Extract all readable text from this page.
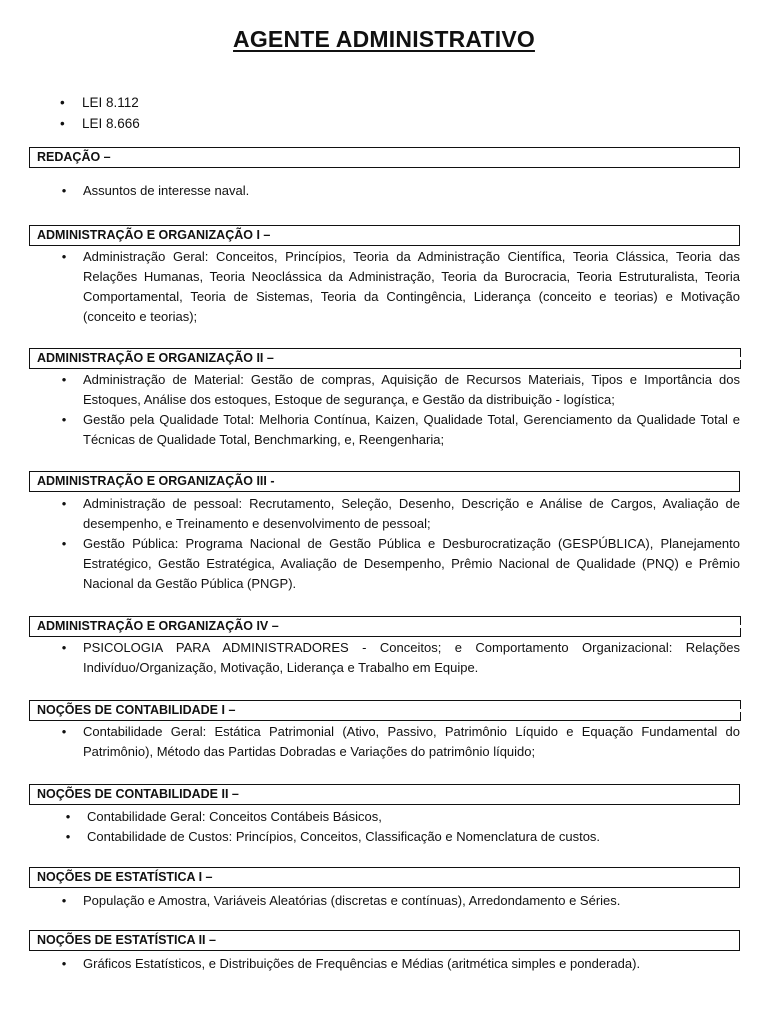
AGENTE ADMINISTRATIVO
• LEI 8.112
• LEI 8.666
REDAÇÃO –
• Assuntos de interesse naval.
ADMINISTRAÇÃO E ORGANIZAÇÃO I –
• Administração Geral: Conceitos, Princípios, Teoria da Administração Científica, Teoria Clássica, Teoria das Relações Humanas, Teoria Neoclássica da Administração, Teoria da Burocracia, Teoria Estruturalista, Teoria Comportamental, Teoria de Sistemas, Teoria da Contingência, Liderança (conceito e teorias) e Motivação (conceito e teorias);
ADMINISTRAÇÃO E ORGANIZAÇÃO II –
• Administração de Material: Gestão de compras, Aquisição de Recursos Materiais, Tipos e Importância dos Estoques, Análise dos estoques, Estoque de segurança, e Gestão da distribuição - logística;
• Gestão pela Qualidade Total: Melhoria Contínua, Kaizen, Qualidade Total, Gerenciamento da Qualidade Total e Técnicas de Qualidade Total, Benchmarking, e, Reengenharia;
ADMINISTRAÇÃO E ORGANIZAÇÃO III -
• Administração de pessoal: Recrutamento, Seleção, Desenho, Descrição e Análise de Cargos, Avaliação de desempenho, e Treinamento e desenvolvimento de pessoal;
• Gestão Pública: Programa Nacional de Gestão Pública e Desburocratização (GESPÚBLICA), Planejamento Estratégico, Gestão Estratégica, Avaliação de Desempenho, Prêmio Nacional de Qualidade (PNQ) e Prêmio Nacional da Gestão Pública (PNGP).
ADMINISTRAÇÃO E ORGANIZAÇÃO IV –
• PSICOLOGIA PARA ADMINISTRADORES - Conceitos; e Comportamento Organizacional: Relações Indivíduo/Organização, Motivação, Liderança e Trabalho em Equipe.
NOÇÕES DE CONTABILIDADE I –
• Contabilidade Geral: Estática Patrimonial (Ativo, Passivo, Patrimônio Líquido e Equação Fundamental do Patrimônio), Método das Partidas Dobradas e Variações do patrimônio líquido;
NOÇÕES DE CONTABILIDADE II –
• Contabilidade Geral: Conceitos Contábeis Básicos,
• Contabilidade de Custos: Princípios, Conceitos, Classificação e Nomenclatura de custos.
NOÇÕES DE ESTATÍSTICA I –
• População e Amostra, Variáveis Aleatórias (discretas e contínuas), Arredondamento e Séries.
NOÇÕES DE ESTATÍSTICA II –
• Gráficos Estatísticos, e Distribuições de Frequências e Médias (aritmética simples e ponderada).
